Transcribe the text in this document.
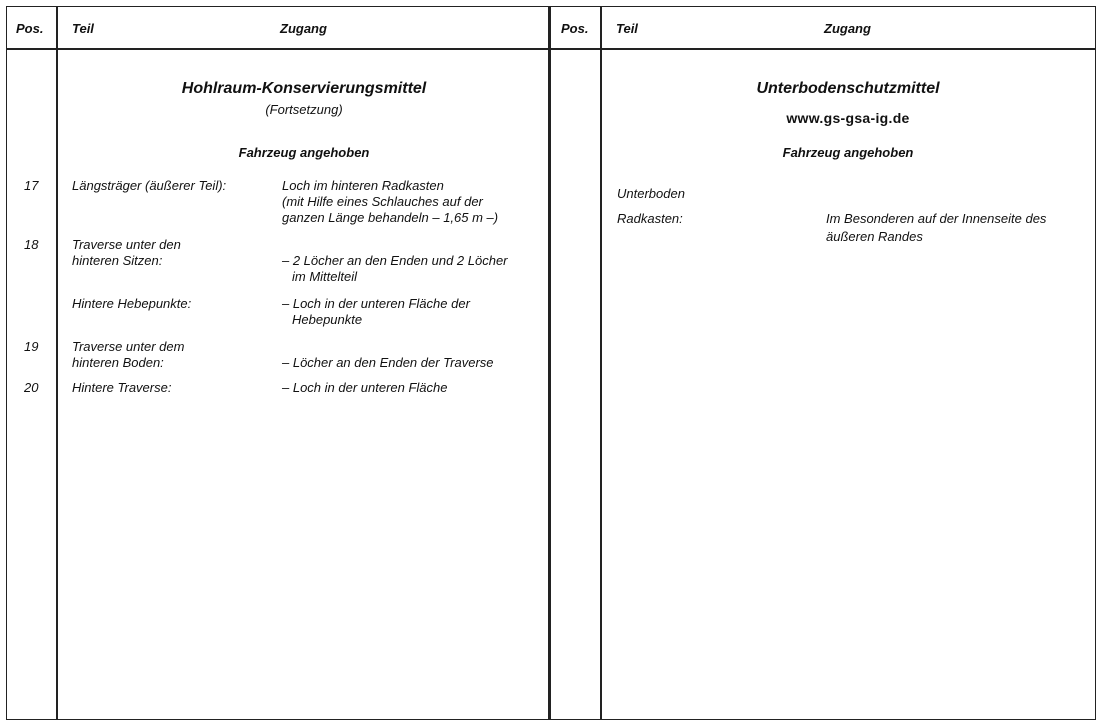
Pos. Teil	Zugang	Pos. Teil	Zugang
Hohlraum-Konservierungsmittel
(Fortsetzung)
Fahrzeug angehoben
17	Längsträger (äußerer Teil):	Loch im hinteren Radkasten
(mit Hilfe eines Schlauches auf der
ganzen Länge behandeln – 1,65 m –)
18	Traverse unter den
hinteren Sitzen:	– 2 Löcher an den Enden und 2 Löcher
im Mittelteil
Hintere Hebepunkte:	– Loch in der unteren Fläche der
Hebepunkte
19	Traverse unter dem
hinteren Boden:	– Löcher an den Enden der Traverse
20	Hintere Traverse:	– Loch in der unteren Fläche
Unterbodenschutzmittel
www.gs-gsa-ig.de
Fahrzeug angehoben
Unterboden
Radkasten:	Im Besonderen auf der Innenseite des
äußeren Randes
